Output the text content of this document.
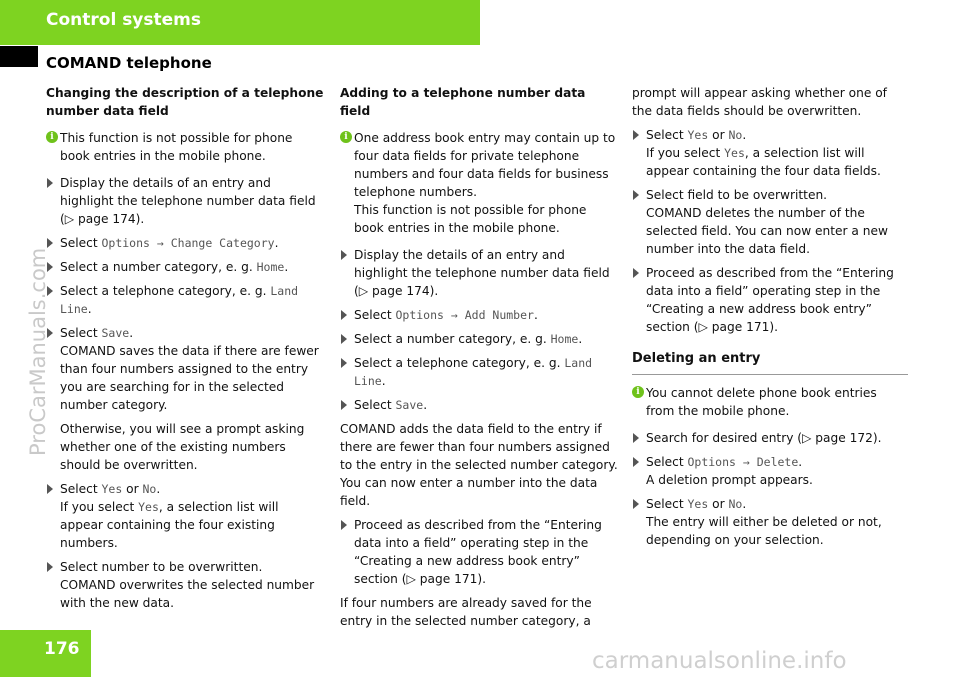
Control systems
COMAND telephone
ProCarManuals.com
Changing the description of a telephone number data field
i This function is not possible for phone book entries in the mobile phone.
Display the details of an entry and highlight the telephone number data field (▷ page 174).
Select Options → Change Category.
Select a number category, e. g. Home.
Select a telephone category, e. g. Land Line.
Select Save.
COMAND saves the data if there are fewer than four numbers assigned to the entry you are searching for in the selected number category.
Otherwise, you will see a prompt asking whether one of the existing numbers should be overwritten.
Select Yes or No.
If you select Yes, a selection list will appear containing the four existing numbers.
Select number to be overwritten.
COMAND overwrites the selected number with the new data.
Adding to a telephone number data field
i One address book entry may contain up to four data fields for private telephone numbers and four data fields for business telephone numbers.
This function is not possible for phone book entries in the mobile phone.
Display the details of an entry and highlight the telephone number data field (▷ page 174).
Select Options → Add Number.
Select a number category, e. g. Home.
Select a telephone category, e. g. Land Line.
Select Save.
COMAND adds the data field to the entry if there are fewer than four numbers assigned to the entry in the selected number category. You can now enter a number into the data field.
Proceed as described from the “Entering data into a field” operating step in the “Creating a new address book entry” section (▷ page 171).
If four numbers are already saved for the entry in the selected number category, a
prompt will appear asking whether one of the data fields should be overwritten.
Select Yes or No.
If you select Yes, a selection list will appear containing the four data fields.
Select field to be overwritten.
COMAND deletes the number of the selected field. You can now enter a new number into the data field.
Proceed as described from the “Entering data into a field” operating step in the “Creating a new address book entry” section (▷ page 171).
Deleting an entry
i You cannot delete phone book entries from the mobile phone.
Search for desired entry (▷ page 172).
Select Options → Delete.
A deletion prompt appears.
Select Yes or No.
The entry will either be deleted or not, depending on your selection.
176	carmanualsonline.info
